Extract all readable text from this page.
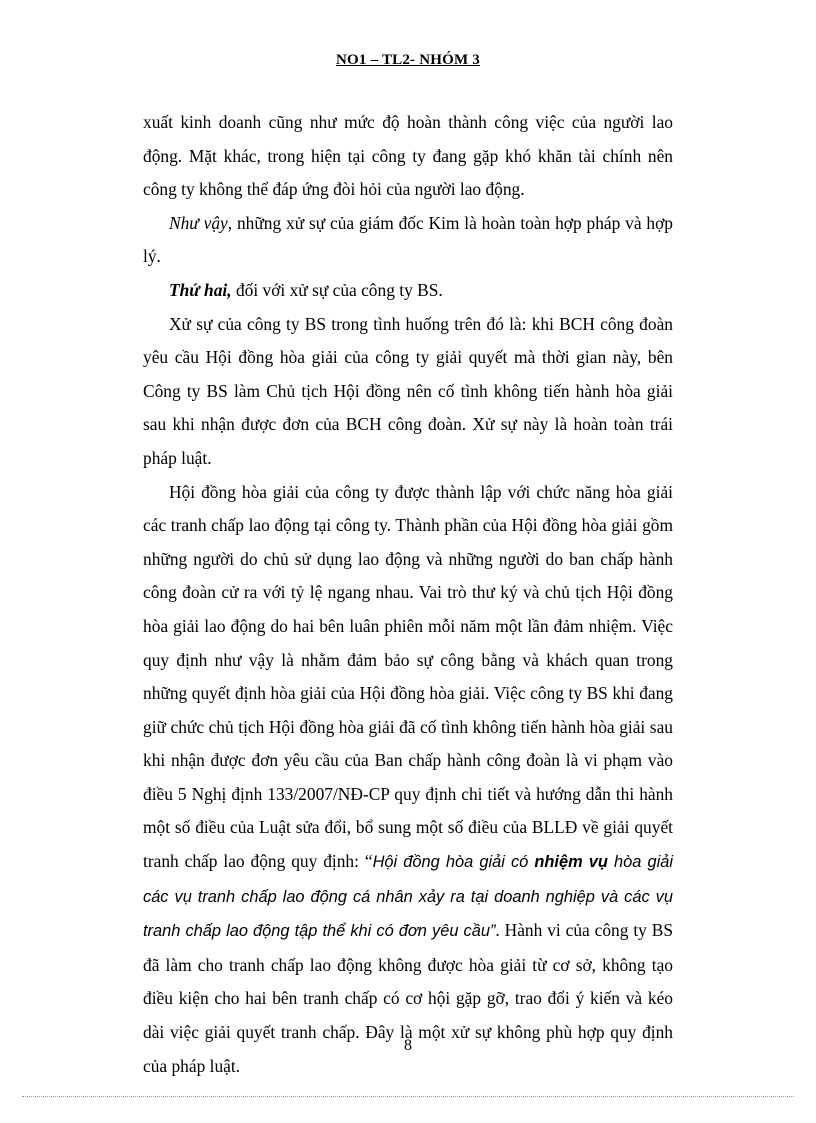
NO1 – TL2- NHÓM 3

xuất kinh doanh cũng như mức độ hoàn thành công việc của người lao động. Mặt khác, trong hiện tại công ty đang gặp khó khăn tài chính nên công ty không thể đáp ứng đòi hỏi của người lao động.

Như vậy, những xử sự của giám đốc Kim là hoàn toàn hợp pháp và hợp lý.

Thứ hai, đối với xử sự của công ty BS.

Xử sự của công ty BS trong tình huống trên đó là: khi BCH công đoàn yêu cầu Hội đồng hòa giải của công ty giải quyết mà thời gian này, bên Công ty BS làm Chủ tịch Hội đồng nên cố tình không tiến hành hòa giải sau khi nhận được đơn của BCH công đoàn. Xử sự này là hoàn toàn trái pháp luật.

Hội đồng hòa giải của công ty được thành lập với chức năng hòa giải các tranh chấp lao động tại công ty. Thành phần của Hội đồng hòa giải gồm những người do chủ sử dụng lao động và những người do ban chấp hành công đoàn cử ra với tỷ lệ ngang nhau. Vai trò thư ký và chủ tịch Hội đồng hòa giải lao động do hai bên luân phiên mỗi năm một lần đảm nhiệm. Việc quy định như vậy là nhằm đảm bảo sự công bằng và khách quan trong những quyết định hòa giải của Hội đồng hòa giải. Việc công ty BS khi đang giữ chức chủ tịch Hội đồng hòa giải đã cố tình không tiến hành hòa giải sau khi nhận được đơn yêu cầu của Ban chấp hành công đoàn là vi phạm vào điều 5 Nghị định 133/2007/NĐ-CP quy định chi tiết và hướng dẫn thi hành một số điều của Luật sửa đổi, bổ sung một số điều của BLLĐ về giải quyết tranh chấp lao động quy định: “Hội đồng hòa giải có nhiệm vụ hòa giải các vụ tranh chấp lao động cá nhân xảy ra tại doanh nghiệp và các vụ tranh chấp lao động tập thể khi có đơn yêu cầu”. Hành vi của công ty BS đã làm cho tranh chấp lao động không được hòa giải từ cơ sở, không tạo điều kiện cho hai bên tranh chấp có cơ hội gặp gỡ, trao đổi ý kiến và kéo dài việc giải quyết tranh chấp. Đây là một xử sự không phù hợp quy định của pháp luật.

8
